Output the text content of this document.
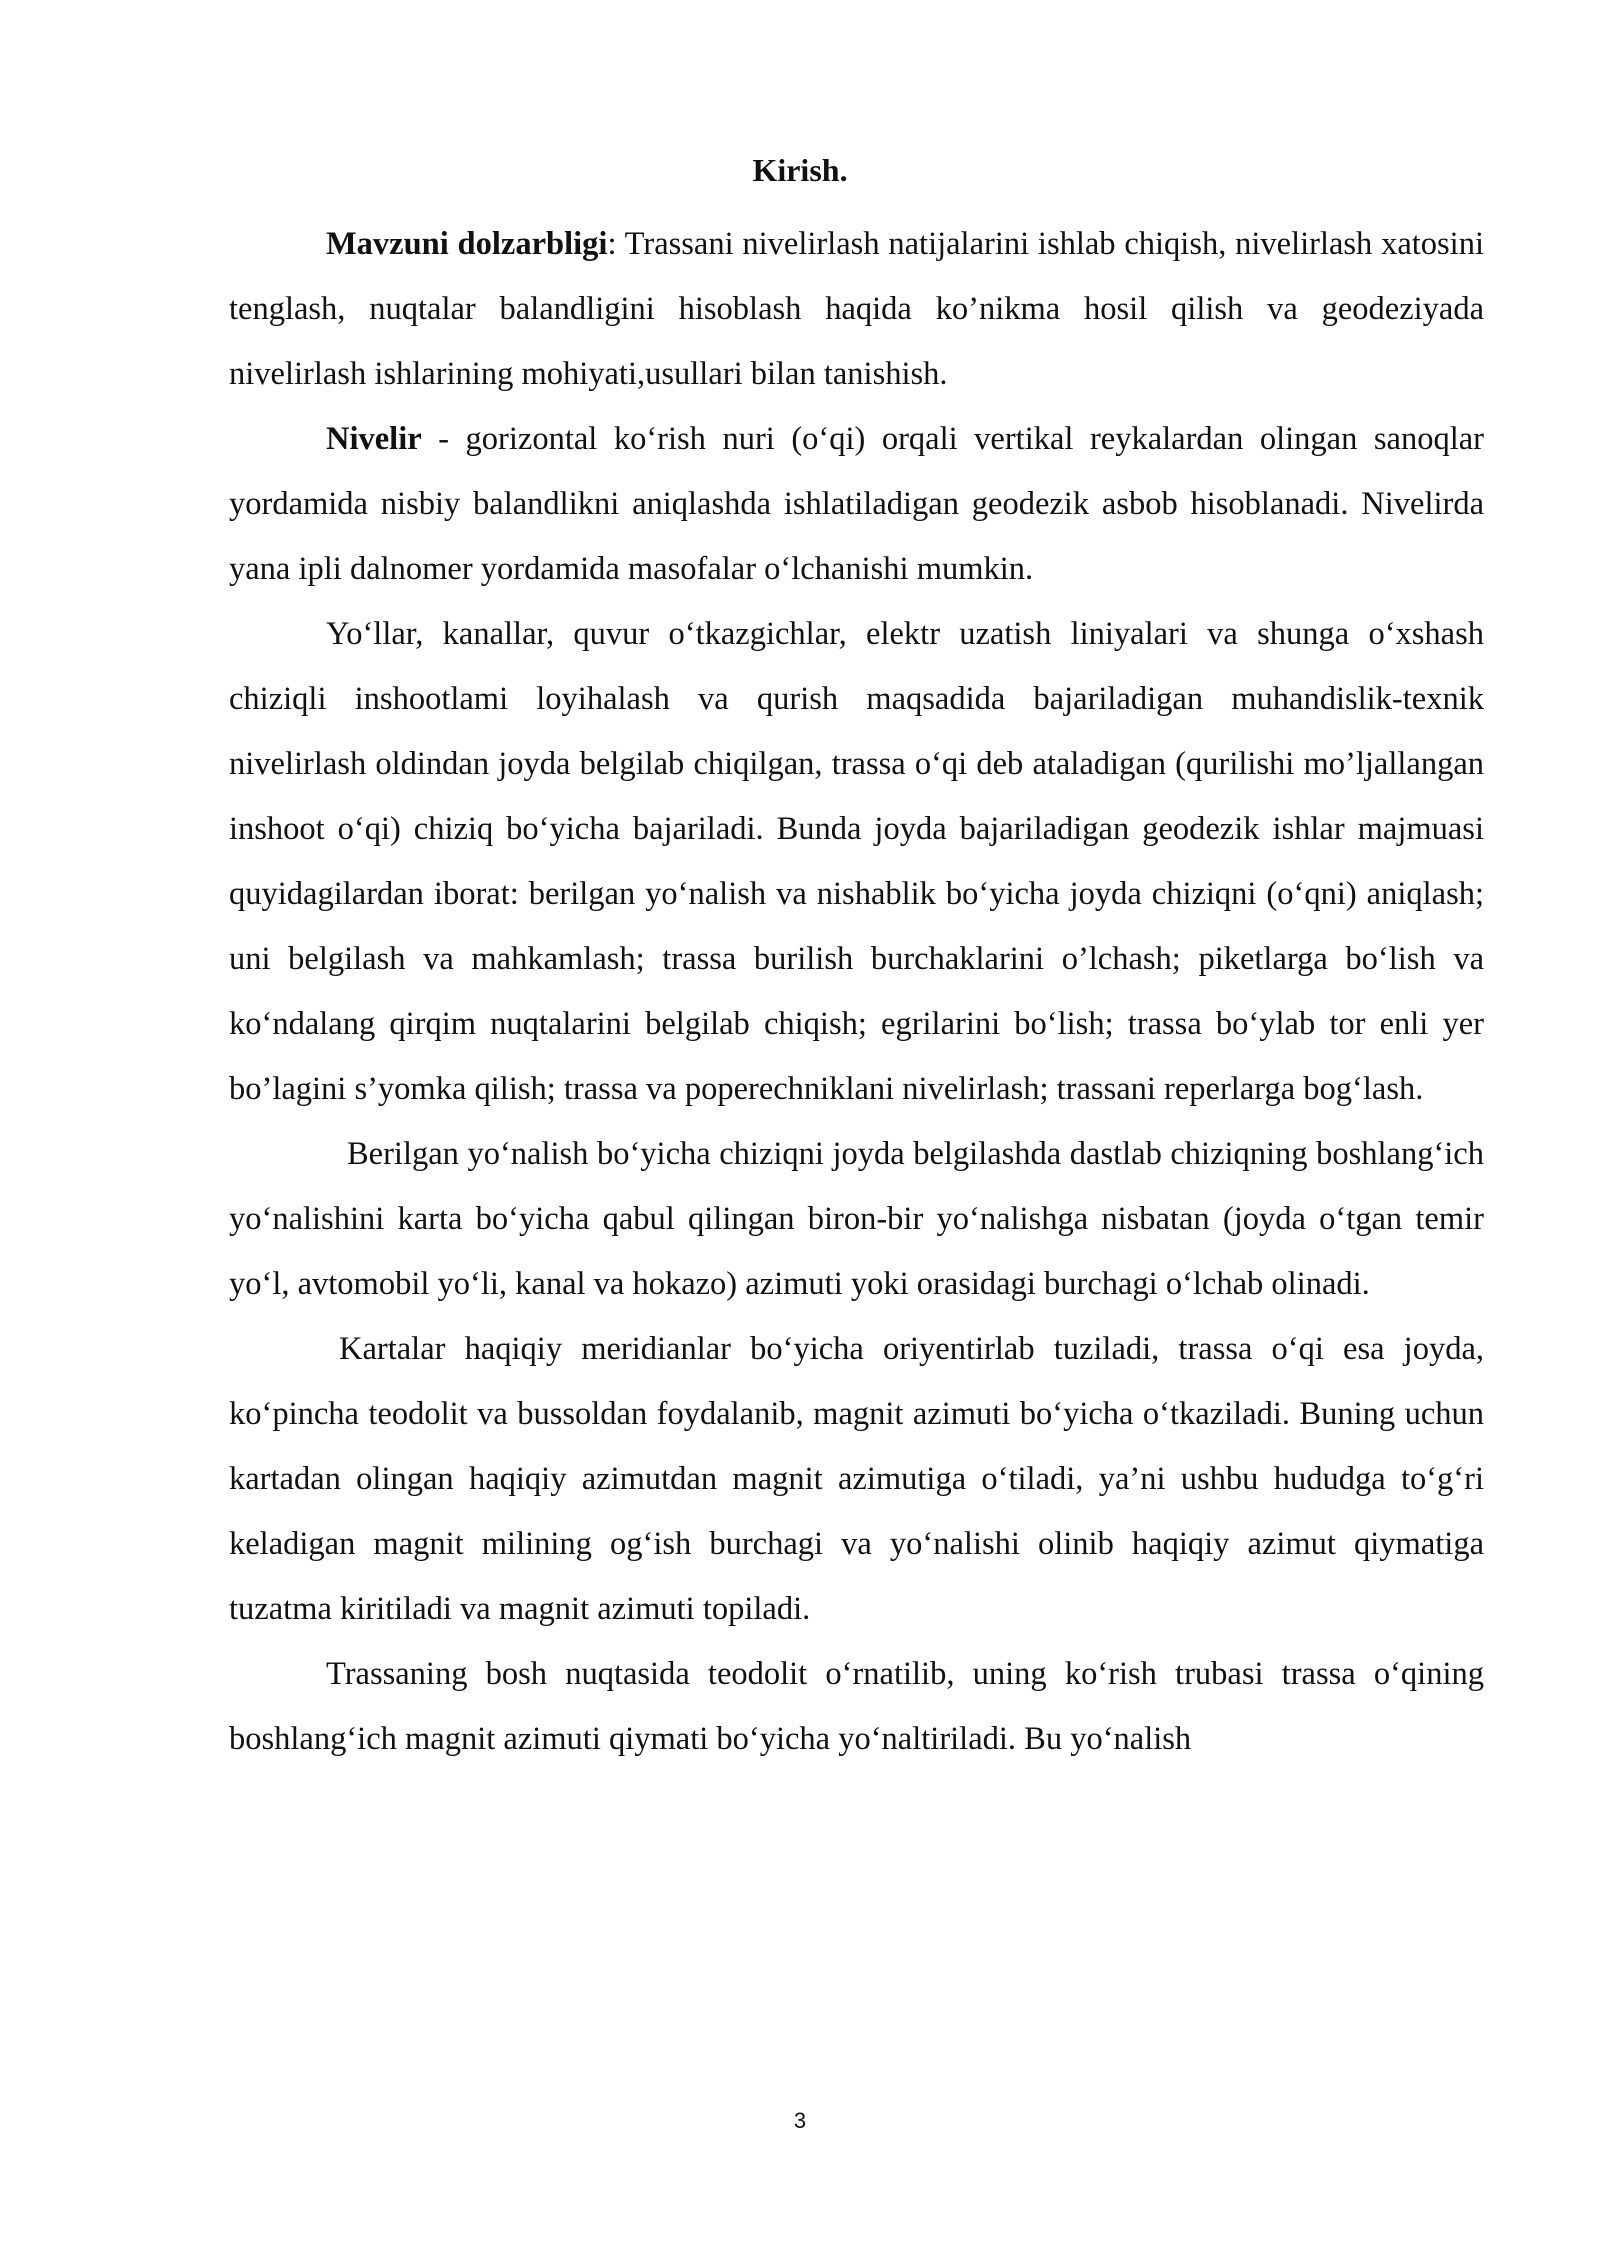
Kirish.

Mavzuni dolzarbligi: Trassani nivelirlash natijalarini ishlab chiqish, nivelirlash xatosini tenglash, nuqtalar balandligini hisoblash haqida ko’nikma hosil qilish va geodeziyada nivelirlash ishlarining mohiyati,usullari bilan tanishish.

Nivelir - gorizontal ko‘rish nuri (o‘qi) orqali vertikal reykalardan olingan sanoqlar yordamida nisbiy balandlikni aniqlashda ishlatiladigan geodezik asbob hisoblanadi. Nivelirda yana ipli dalnomer yordamida masofalar o‘lchanishi mumkin.

Yo‘llar, kanallar, quvur o‘tkazgichlar, elektr uzatish liniyalari va shunga o‘xshash chiziqli inshootlami loyihalash va qurish maqsadida bajariladigan muhandislik-texnik nivelirlash oldindan joyda belgilab chiqilgan, trassa o‘qi deb ataladigan (qurilishi mo’ljallangan inshoot o‘qi) chiziq bo‘yicha bajariladi. Bunda joyda bajariladigan geodezik ishlar majmuasi quyidagilardan iborat: berilgan yo‘nalish va nishablik bo‘yicha joyda chiziqni (o‘qni) aniqlash; uni belgilash va mahkamlash; trassa burilish burchaklarini o’lchash; piketlarga bo‘lish va ko‘ndalang qirqim nuqtalarini belgilab chiqish; egrilarini bo‘lish; trassa bo‘ylab tor enli yer bo’lagini s’yomka qilish; trassa va poperechniklani nivelirlash; trassani reperlarga bog‘lash.

Berilgan yo‘nalish bo‘yicha chiziqni joyda belgilashda dastlab chiziqning boshlang‘ich yo‘nalishini karta bo‘yicha qabul qilingan biron-bir yo‘nalishga nisbatan (joyda o‘tgan temir yo‘l, avtomobil yo‘li, kanal va hokazo) azimuti yoki orasidagi burchagi o‘lchab olinadi.

Kartalar haqiqiy meridianlar bo‘yicha oriyentirlab tuziladi, trassa o‘qi esa joyda, ko‘pincha teodolit va bussoldan foydalanib, magnit azimuti bo‘yicha o‘tkaziladi. Buning uchun kartadan olingan haqiqiy azimutdan magnit azimutiga o‘tiladi, ya’ni ushbu hududga to‘g‘ri keladigan magnit milining og‘ish burchagi va yo‘nalishi olinib haqiqiy azimut qiymatiga tuzatma kiritiladi va magnit azimuti topiladi.

Trassaning bosh nuqtasida teodolit o‘rnatilib, uning ko‘rish trubasi trassa o‘qining boshlang‘ich magnit azimuti qiymati bo‘yicha yo‘naltiriladi. Bu yo‘nalish

3
